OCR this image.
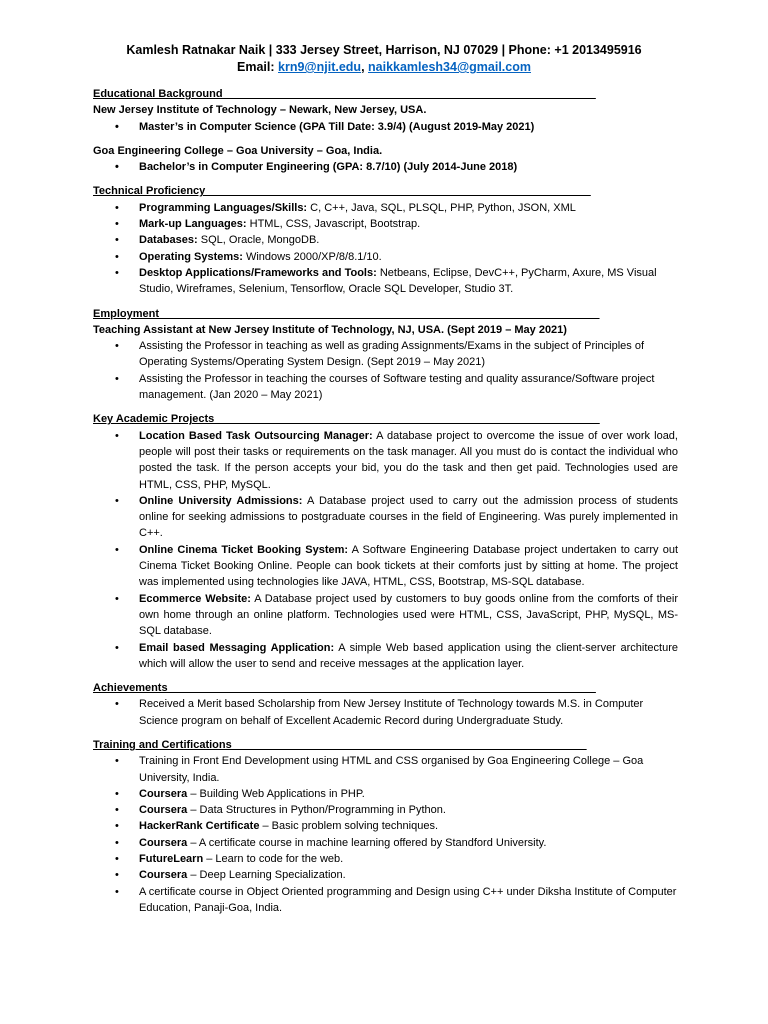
Kamlesh Ratnakar Naik | 333 Jersey Street, Harrison, NJ 07029 | Phone: +1 2013495916
Email: krn9@njit.edu, naikkamlesh34@gmail.com
Educational Background_____________________________________________________________
New Jersey Institute of Technology – Newark, New Jersey, USA.
• Master’s in Computer Science (GPA Till Date: 3.9/4) (August 2019-May 2021)
Goa Engineering College – Goa University – Goa, India.
• Bachelor’s in Computer Engineering (GPA: 8.7/10) (July 2014-June 2018)
Technical Proficiency_______________________________________________________________
• Programming Languages/Skills: C, C++, Java, SQL, PLSQL, PHP, Python, JSON, XML
• Mark-up Languages: HTML, CSS, Javascript, Bootstrap.
• Databases: SQL, Oracle, MongoDB.
• Operating Systems: Windows 2000/XP/8/8.1/10.
• Desktop Applications/Frameworks and Tools: Netbeans, Eclipse, DevC++, PyCharm, Axure, MS Visual Studio, Wireframes, Selenium, Tensorflow, Oracle SQL Developer, Studio 3T.
Employment________________________________________________________________________
Teaching Assistant at New Jersey Institute of Technology, NJ, USA. (Sept 2019 – May 2021)
• Assisting the Professor in teaching as well as grading Assignments/Exams in the subject of Principles of Operating Systems/Operating System Design. (Sept 2019 – May 2021)
• Assisting the Professor in teaching the courses of Software testing and quality assurance/Software project management. (Jan 2020 – May 2021)
Key Academic Projects_______________________________________________________________
• Location Based Task Outsourcing Manager: A database project to overcome the issue of over work load, people will post their tasks or requirements on the task manager. All you must do is contact the individual who posted the task. If the person accepts your bid, you do the task and then get paid. Technologies used are HTML, CSS, PHP, MySQL.
• Online University Admissions: A Database project used to carry out the admission process of students online for seeking admissions to postgraduate courses in the field of Engineering. Was purely implemented in C++.
• Online Cinema Ticket Booking System: A Software Engineering Database project undertaken to carry out Cinema Ticket Booking Online. People can book tickets at their comforts just by sitting at home. The project was implemented using technologies like JAVA, HTML, CSS, Bootstrap, MS-SQL database.
• Ecommerce Website: A Database project used by customers to buy goods online from the comforts of their own home through an online platform. Technologies used were HTML, CSS, JavaScript, PHP, MySQL, MS-SQL database.
• Email based Messaging Application: A simple Web based application using the client-server architecture which will allow the user to send and receive messages at the application layer.
Achievements______________________________________________________________________
• Received a Merit based Scholarship from New Jersey Institute of Technology towards M.S. in Computer Science program on behalf of Excellent Academic Record during Undergraduate Study.
Training and Certifications__________________________________________________________
• Training in Front End Development using HTML and CSS organised by Goa Engineering College – Goa University, India.
• Coursera – Building Web Applications in PHP.
• Coursera – Data Structures in Python/Programming in Python.
• HackerRank Certificate – Basic problem solving techniques.
• Coursera – A certificate course in machine learning offered by Standford University.
• FutureLearn – Learn to code for the web.
• Coursera – Deep Learning Specialization.
• A certificate course in Object Oriented programming and Design using C++ under Diksha Institute of Computer Education, Panaji-Goa, India.
